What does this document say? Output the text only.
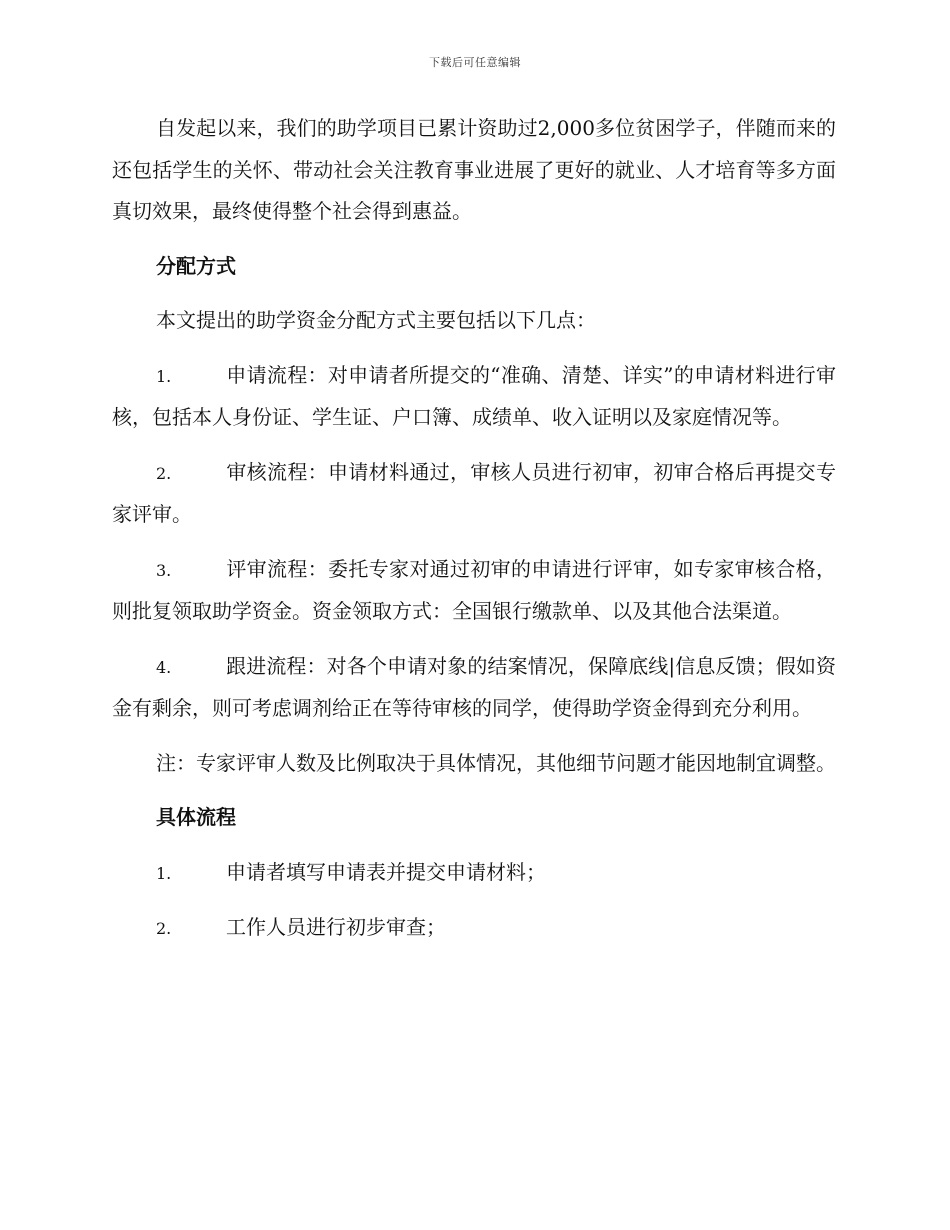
下载后可任意编辑

自发起以来，我们的助学项目已累计资助过2,000多位贫困学子，伴随而来的还包括学生的关怀、带动社会关注教育事业进展了更好的就业、人才培育等多方面真切效果，最终使得整个社会得到惠益。

分配方式

本文提出的助学资金分配方式主要包括以下几点：

1.	申请流程：对申请者所提交的“准确、清楚、详实”的申请材料进行审核，包括本人身份证、学生证、户口簿、成绩单、收入证明以及家庭情况等。

2.	审核流程：申请材料通过，审核人员进行初审，初审合格后再提交专家评审。

3.	评审流程：委托专家对通过初审的申请进行评审，如专家审核合格，则批复领取助学资金。资金领取方式：全国银行缴款单、以及其他合法渠道。

4.	跟进流程：对各个申请对象的结案情况，保障底线|信息反馈；假如资金有剩余，则可考虑调剂给正在等待审核的同学，使得助学资金得到充分利用。

注：专家评审人数及比例取决于具体情况，其他细节问题才能因地制宜调整。

具体流程

1.	申请者填写申请表并提交申请材料；

2.	工作人员进行初步审查；
